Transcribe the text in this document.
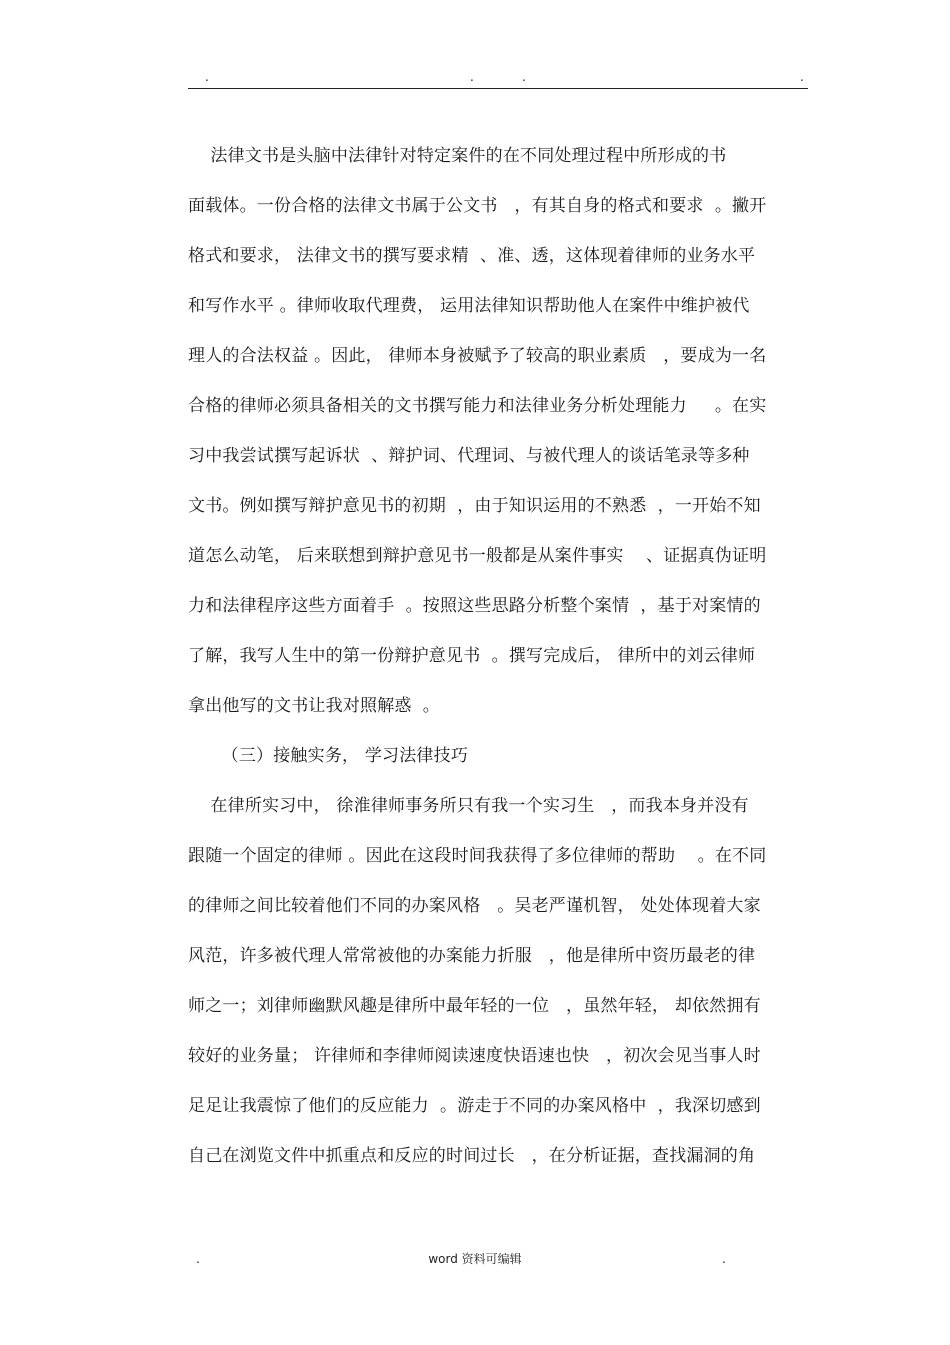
.	.	.	.
法律文书是头脑中法律针对特定案件的在不同处理过程中所形成的书
面载体。一份合格的法律文书属于公文书   ，有其自身的格式和要求  。撇开
格式和要求， 法律文书的撰写要求精  、准、透，这体现着律师的业务水平
和写作水平 。律师收取代理费， 运用法律知识帮助他人在案件中维护被代
理人的合法权益 。因此， 律师本身被赋予了较高的职业素质   ，要成为一名
合格的律师必须具备相关的文书撰写能力和法律业务分析处理能力     。在实
习中我尝试撰写起诉状  、辩护词、代理词、与被代理人的谈话笔录等多种
文书。例如撰写辩护意见书的初期  ，由于知识运用的不熟悉  ，一开始不知
道怎么动笔， 后来联想到辩护意见书一般都是从案件事实    、证据真伪证明
力和法律程序这些方面着手  。按照这些思路分析整个案情  ，基于对案情的
了解，我写人生中的第一份辩护意见书  。撰写完成后， 律所中的刘云律师
拿出他写的文书让我对照解惑  。
（三）接触实务， 学习法律技巧
在律所实习中， 徐淮律师事务所只有我一个实习生   ，而我本身并没有
跟随一个固定的律师 。因此在这段时间我获得了多位律师的帮助    。在不同
的律师之间比较着他们不同的办案风格   。吴老严谨机智， 处处体现着大家
风范，许多被代理人常常被他的办案能力折服   ，他是律所中资历最老的律
师之一；刘律师幽默风趣是律所中最年轻的一位   ，虽然年轻， 却依然拥有
较好的业务量； 许律师和李律师阅读速度快语速也快   ，初次会见当事人时
足足让我震惊了他们的反应能力  。游走于不同的办案风格中  ，我深切感到
自己在浏览文件中抓重点和反应的时间过长   ，在分析证据，查找漏洞的角
.	word 资料可编辑	.
